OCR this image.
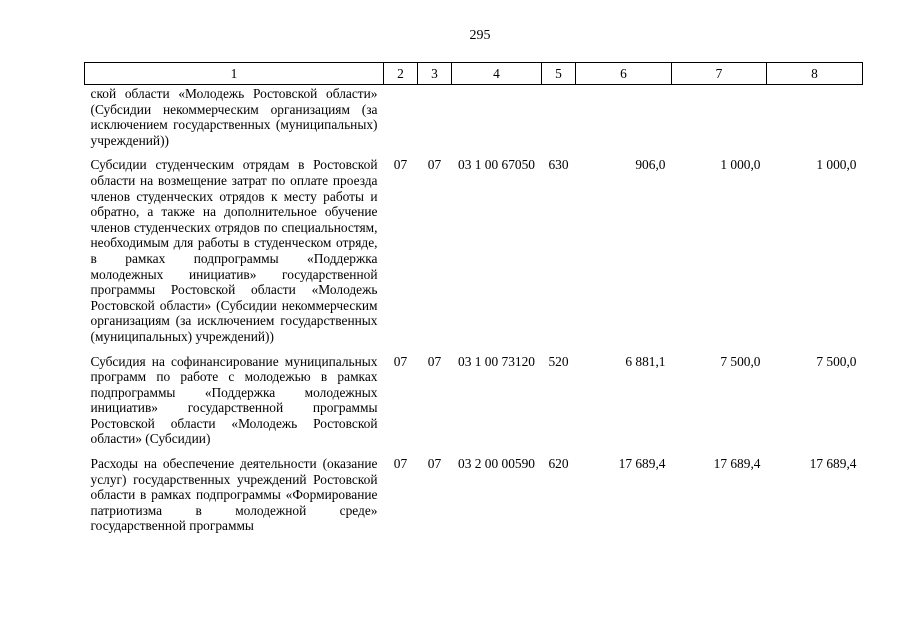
295
1	2	3	4	5	6	7	8
ской области «Молодежь Ростовской области» (Субсидии некоммерческим организациям (за исключением государственных (муниципальных) учреждений))							
Субсидии студенческим отрядам в Ростовской области на возмещение затрат по оплате проезда членов студенческих отрядов к месту работы и обратно, а также на дополнительное обучение членов студенческих отрядов по специальностям, необходимым для работы в студенческом отряде, в рамках подпрограммы «Поддержка молодежных инициатив» государственной программы Ростовской области «Молодежь Ростовской области» (Субсидии некоммерческим организациям (за исключением государственных (муниципальных) учреждений))	07	07	03 1 00 67050	630	906,0	1 000,0	1 000,0
Субсидия на софинансирование муниципальных программ по работе с молодежью в рамках подпрограммы «Поддержка молодежных инициатив» государственной программы Ростовской области «Молодежь Ростовской области» (Субсидии)	07	07	03 1 00 73120	520	6 881,1	7 500,0	7 500,0
Расходы на обеспечение деятельности (оказание услуг) государственных учреждений Ростовской области в рамках подпрограммы «Формирование патриотизма в молодежной среде» государственной программы	07	07	03 2 00 00590	620	17 689,4	17 689,4	17 689,4
